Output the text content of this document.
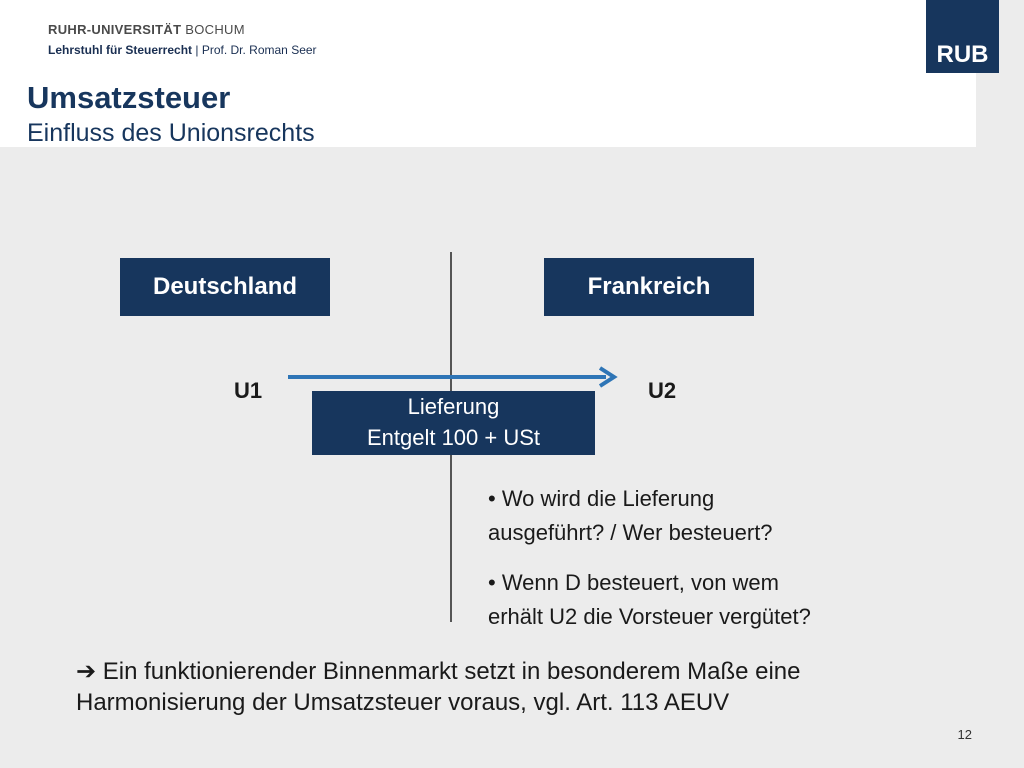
RUHR-UNIVERSITÄT BOCHUM
Lehrstuhl für Steuerrecht | Prof. Dr. Roman Seer
Umsatzsteuer
Einfluss des Unionsrechts
RUB
Deutschland	Frankreich
U1	U2
Lieferung
Entgelt 100 + USt
• Wo wird die Lieferung
ausgeführt? / Wer besteuert?
• Wenn D besteuert, von wem
erhält U2 die Vorsteuer vergütet?
➔ Ein funktionierender Binnenmarkt setzt in besonderem Maße eine
Harmonisierung der Umsatzsteuer voraus, vgl. Art. 113 AEUV
12
